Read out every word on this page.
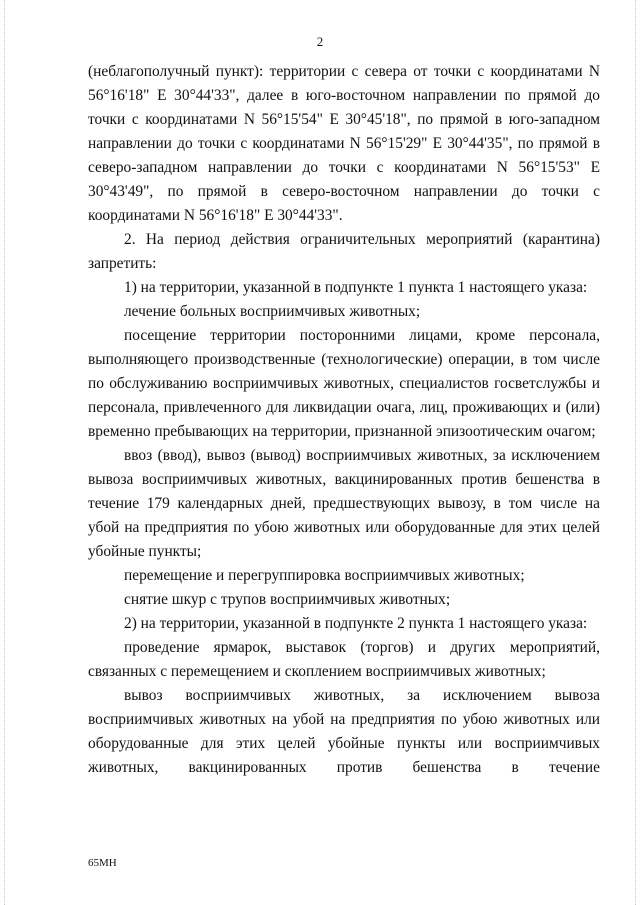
2

(неблагополучный пункт): территории с севера от точки с координатами N 56°16'18" E 30°44'33", далее в юго-восточном направлении по прямой до точки с координатами N 56°15'54" E 30°45'18", по прямой в юго-западном направлении до точки с координатами N 56°15'29" E 30°44'35", по прямой в северо-западном направлении до точки с координатами N 56°15'53" E 30°43'49", по прямой в северо-восточном направлении до точки с координатами N 56°16'18" E 30°44'33".

2. На период действия ограничительных мероприятий (карантина) запретить:

1) на территории, указанной в подпункте 1 пункта 1 настоящего указа:

лечение больных восприимчивых животных;

посещение территории посторонними лицами, кроме персонала, выполняющего производственные (технологические) операции, в том числе по обслуживанию восприимчивых животных, специалистов госветслужбы и персонала, привлеченного для ликвидации очага, лиц, проживающих и (или) временно пребывающих на территории, признанной эпизоотическим очагом;

ввоз (ввод), вывоз (вывод) восприимчивых животных, за исключением вывоза восприимчивых животных, вакцинированных против бешенства в течение 179 календарных дней, предшествующих вывозу, в том числе на убой на предприятия по убою животных или оборудованные для этих целей убойные пункты;

перемещение и перегруппировка восприимчивых животных;

снятие шкур с трупов восприимчивых животных;

2) на территории, указанной в подпункте 2 пункта 1 настоящего указа:

проведение ярмарок, выставок (торгов) и других мероприятий, связанных с перемещением и скоплением восприимчивых животных;

вывоз восприимчивых животных, за исключением вывоза восприимчивых животных на убой на предприятия по убою животных или оборудованные для этих целей убойные пункты или восприимчивых животных, вакцинированных против бешенства в течение

65МН
